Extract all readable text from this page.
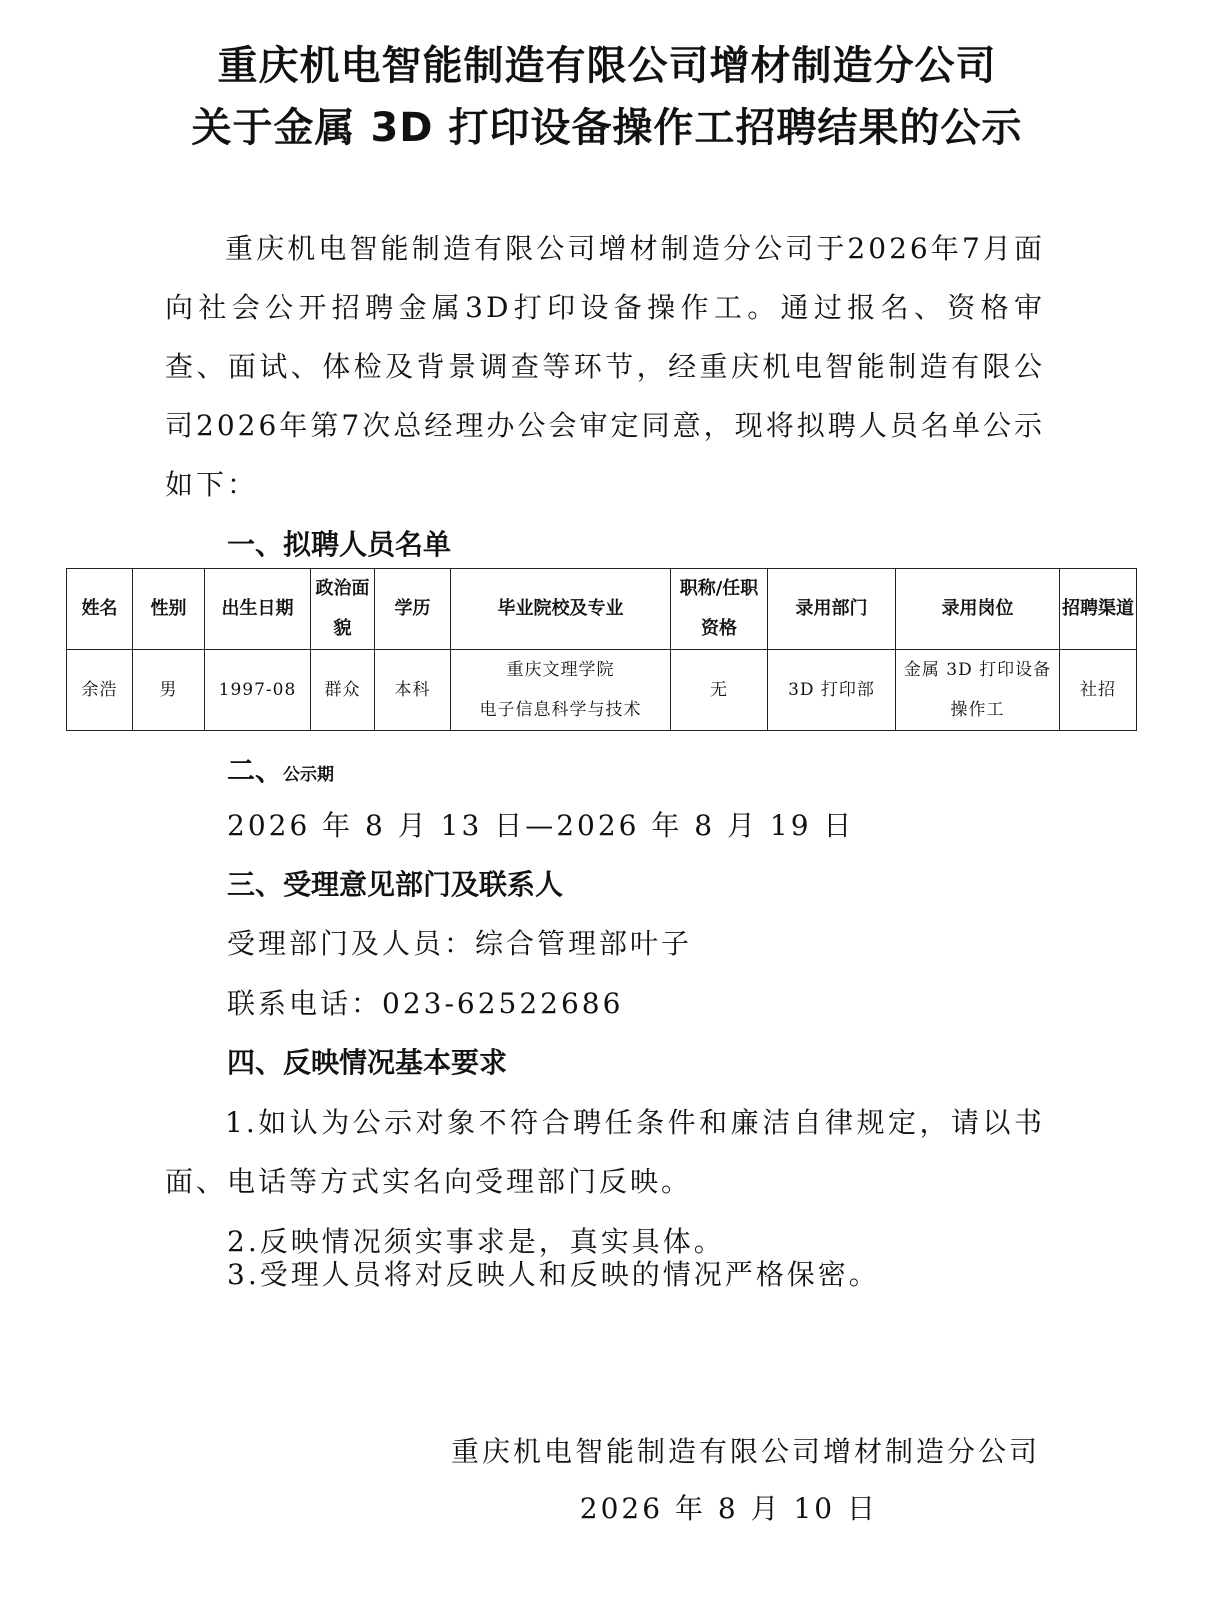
重庆机电智能制造有限公司增材制造分公司
关于金属 3D 打印设备操作工招聘结果的公示

重庆机电智能制造有限公司增材制造分公司于2026年7月面向社会公开招聘金属3D打印设备操作工。通过报名、资格审查、面试、体检及背景调查等环节，经重庆机电智能制造有限公司2026年第7次总经理办公会审定同意，现将拟聘人员名单公示如下：

一、拟聘人员名单
姓名	性别	出生日期	政治面貌	学历	毕业院校及专业	职称/任职资格	录用部门	录用岗位	招聘渠道
余浩	男	1997-08	群众	本科	重庆文理学院
电子信息科学与技术	无	3D 打印部	金属 3D 打印设备操作工	社招
二、公示期
2026 年 8 月 13 日—2026 年 8 月 19 日
三、受理意见部门及联系人
受理部门及人员：综合管理部叶子
联系电话：023-62522686
四、反映情况基本要求

1.如认为公示对象不符合聘任条件和廉洁自律规定，请以书面、电话等方式实名向受理部门反映。

2.反映情况须实事求是，真实具体。
3.受理人员将对反映人和反映的情况严格保密。
重庆机电智能制造有限公司增材制造分公司
2026 年 8 月 10 日
